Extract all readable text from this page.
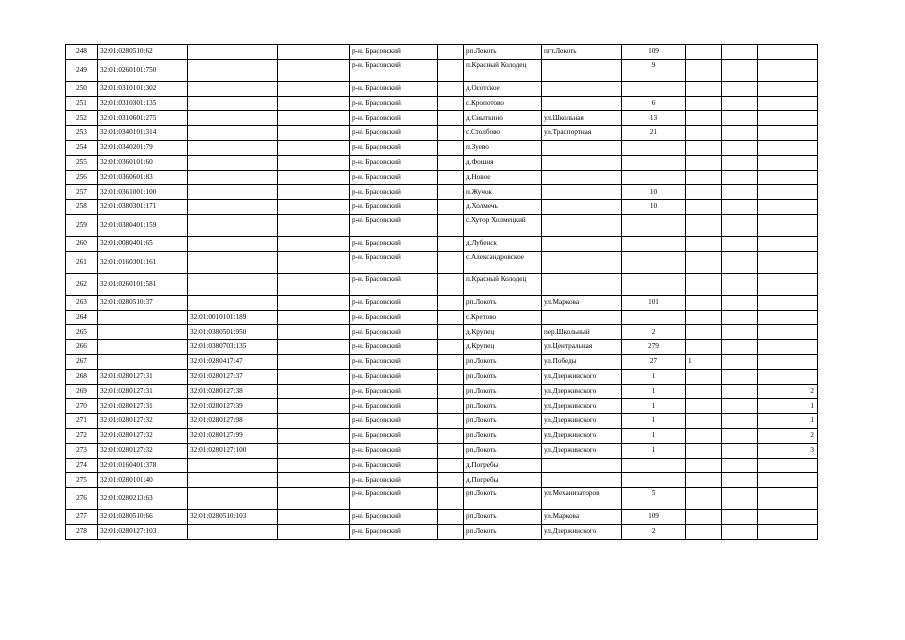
248	32:01:0280510:62			р-н. Брасовский		рп.Локоть	пгт.Локоть	109			
249	32:01:0260101:750			р-н. Брасовский		п.Красный Колодец		9			
250	32:01:0310101:302			р-н. Брасовский		д.Осотское					
251	32:01:0310301:135			р-н. Брасовский		с.Кропотово		6			
252	32:01:0310601:275			р-н. Брасовский		д.Сныткино	ул.Школьная	13			
253	32:01:0340101:314			р-н. Брасовский		с.Столбово	ул.Траспортная	21			
254	32:01:0340201:79			р-н. Брасовский		п.Зуево					
255	32:01:0360101:60			р-н. Брасовский		д.Фошня					
256	32:01:0360601:83			р-н. Брасовский		д.Новое					
257	32:01:0361001:100			р-н. Брасовский		п.Жучок		10			
258	32:01:0380301:171			р-н. Брасовский		д.Холмечь		10			
259	32:01:0380401:159			р-н. Брасовский		с.Хутор Холмецкий					
260	32:01:0080401:65			р-н. Брасовский		д.Лубенск					
261	32:01:0160301:161			р-н. Брасовский		с.Александровское					
262	32:01:0260101:581			р-н. Брасовский		п.Красный Колодец					
263	32:01:0280510:37			р-н. Брасовский		рп.Локоть	ул.Маркова	101			
264		32:01:0010101:189		р-н. Брасовский		с.Кретово					
265		32:01:0380501:950		р-н. Брасовский		д.Крупец	пер.Школьный	2			
266		32:01:0380703:135		р-н. Брасовский		д.Крупец	ул.Центральная	279			
267		32:01:0280417:47		р-н. Брасовский		рп.Локоть	ул.Победы	27	1		
268	32:01:0280127:31	32:01:0280127:37		р-н. Брасовский		рп.Локоть	ул.Дзержинского	1			
269	32:01:0280127:31	32:01:0280127:38		р-н. Брасовский		рп.Локоть	ул.Дзержинского	1			2
270	32:01:0280127:31	32:01:0280127:39		р-н. Брасовский		рп.Локоть	ул.Дзержинского	1			1
271	32:01:0280127:32	32:01:0280127:98		р-н. Брасовский		рп.Локоть	ул.Дзержинского	1			1
272	32:01:0280127:32	32:01:0280127:99		р-н. Брасовский		рп.Локоть	ул.Дзержинского	1			2
273	32:01:0280127:32	32:01:0280127:100		р-н. Брасовский		рп.Локоть	ул.Дзержинского	1			3
274	32:01:0160401:378			р-н. Брасовский		д.Погребы					
275	32:01:0280101:40			р-н. Брасовский		д.Погребы					
276	32:01:0280213:63			р-н. Брасовский		рп.Локоть	ул.Механизаторов	5			
277	32:01:0280510:66	32:01:0280510:103		р-н. Брасовский		рп.Локоть	ул.Маркова	109			
278	32:01:0280127:103			р-н. Брасовский		рп.Локоть	ул.Дзержинского	2			
